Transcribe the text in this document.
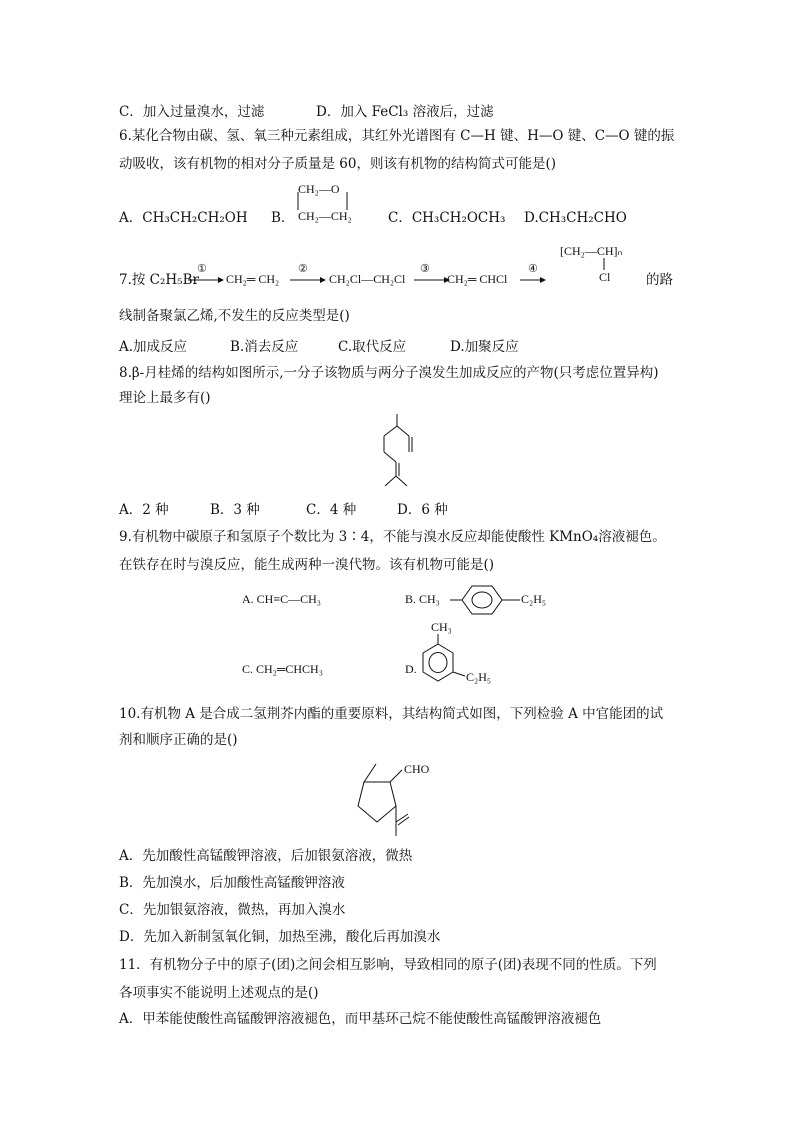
C．加入过量溴水，过滤	D．加入 FeCl₃ 溶液后，过滤
6.某化合物由碳、氢、氧三种元素组成，其红外光谱图有 C—H 键、H—O 键、C—O 键的振
动吸收，该有机物的相对分子质量是 60，则该有机物的结构简式可能是()
A．CH₃CH₂CH₂OH B．
CH₂—O
CH₂—CH₂	C．CH₃CH₂OCH₃ D.CH₃CH₂CHO
7.按 C₂H₅Br
①
CH₂═ CH₂
②
CH₂Cl—CH₂Cl
③
CH₂═ CHCl
④
[CH₂—CH]ₙ
Cl	的路
线制备聚氯乙烯,不发生的反应类型是()
A.加成反应	B.消去反应	C.取代反应	D.加聚反应
8.β-月桂烯的结构如图所示,一分子该物质与两分子溴发生加成反应的产物(只考虑位置异构)
理论上最多有()
A．2 种	B．3 种	C．4 种	D．6 种
9.有机物中碳原子和氢原子个数比为 3∶4，不能与溴水反应却能使酸性 KMnO₄溶液褪色。
在铁存在时与溴反应，能生成两种一溴代物。该有机物可能是()
A. CH≡C—CH₃	B. CH₃	C₂H₅
C. CH₂═CHCH₃	D.
CH₃
C₂H₅
10.有机物 A 是合成二氢荆芥内酯的重要原料，其结构简式如图，下列检验 A 中官能团的试
剂和顺序正确的是()
CHO
A．先加酸性高锰酸钾溶液，后加银氨溶液，微热
B．先加溴水，后加酸性高锰酸钾溶液
C．先加银氨溶液，微热，再加入溴水
D．先加入新制氢氧化铜，加热至沸，酸化后再加溴水
11．有机物分子中的原子(团)之间会相互影响，导致相同的原子(团)表现不同的性质。下列
各项事实不能说明上述观点的是()
A．甲苯能使酸性高锰酸钾溶液褪色，而甲基环己烷不能使酸性高锰酸钾溶液褪色
